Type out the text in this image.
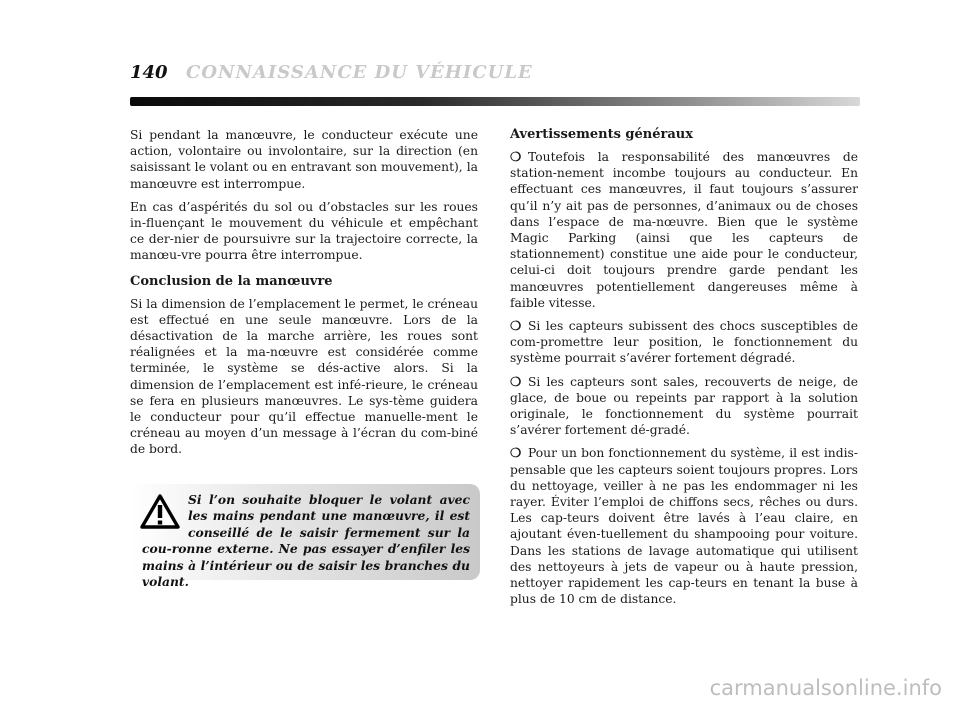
140 CONNAISSANCE DU VÉHICULE

Si pendant la manœuvre, le conducteur exécute une action, volontaire ou involontaire, sur la direction (en saisissant le volant ou en entravant son mouvement), la manœuvre est interrompue.

En cas d’aspérités du sol ou d’obstacles sur les roues in-fluençant le mouvement du véhicule et empêchant ce der-nier de poursuivre sur la trajectoire correcte, la manœu-vre pourra être interrompue.

Conclusion de la manœuvre

Si la dimension de l’emplacement le permet, le créneau est effectué en une seule manœuvre. Lors de la désactivation de la marche arrière, les roues sont réalignées et la ma-nœuvre est considérée comme terminée, le système se dés-active alors. Si la dimension de l’emplacement est infé-rieure, le créneau se fera en plusieurs manœuvres. Le sys-tème guidera le conducteur pour qu’il effectue manuelle-ment le créneau au moyen d’un message à l’écran du com-biné de bord.

Si l’on souhaite bloquer le volant avec les mains pendant une manœuvre, il est conseillé de le saisir fermement sur la cou-ronne externe. Ne pas essayer d’enfiler les mains à l’intérieur ou de saisir les branches du volant.
Avertissements généraux

❍ Toutefois la responsabilité des manœuvres de station-nement incombe toujours au conducteur. En effectuant ces manœuvres, il faut toujours s’assurer qu’il n’y ait pas de personnes, d’animaux ou de choses dans l’espace de ma-nœuvre. Bien que le système Magic Parking (ainsi que les capteurs de stationnement) constitue une aide pour le conducteur, celui-ci doit toujours prendre garde pendant les manœuvres potentiellement dangereuses même à faible vitesse.

❍ Si les capteurs subissent des chocs susceptibles de com-promettre leur position, le fonctionnement du système pourrait s’avérer fortement dégradé.

❍ Si les capteurs sont sales, recouverts de neige, de glace, de boue ou repeints par rapport à la solution originale, le fonctionnement du système pourrait s’avérer fortement dé-gradé.

❍ Pour un bon fonctionnement du système, il est indis-pensable que les capteurs soient toujours propres. Lors du nettoyage, veiller à ne pas les endommager ni les rayer. Éviter l’emploi de chiffons secs, rêches ou durs. Les cap-teurs doivent être lavés à l’eau claire, en ajoutant éven-tuellement du shampooing pour voiture. Dans les stations de lavage automatique qui utilisent des nettoyeurs à jets de vapeur ou à haute pression, nettoyer rapidement les cap-teurs en tenant la buse à plus de 10 cm de distance.

carmanualsonline.info
